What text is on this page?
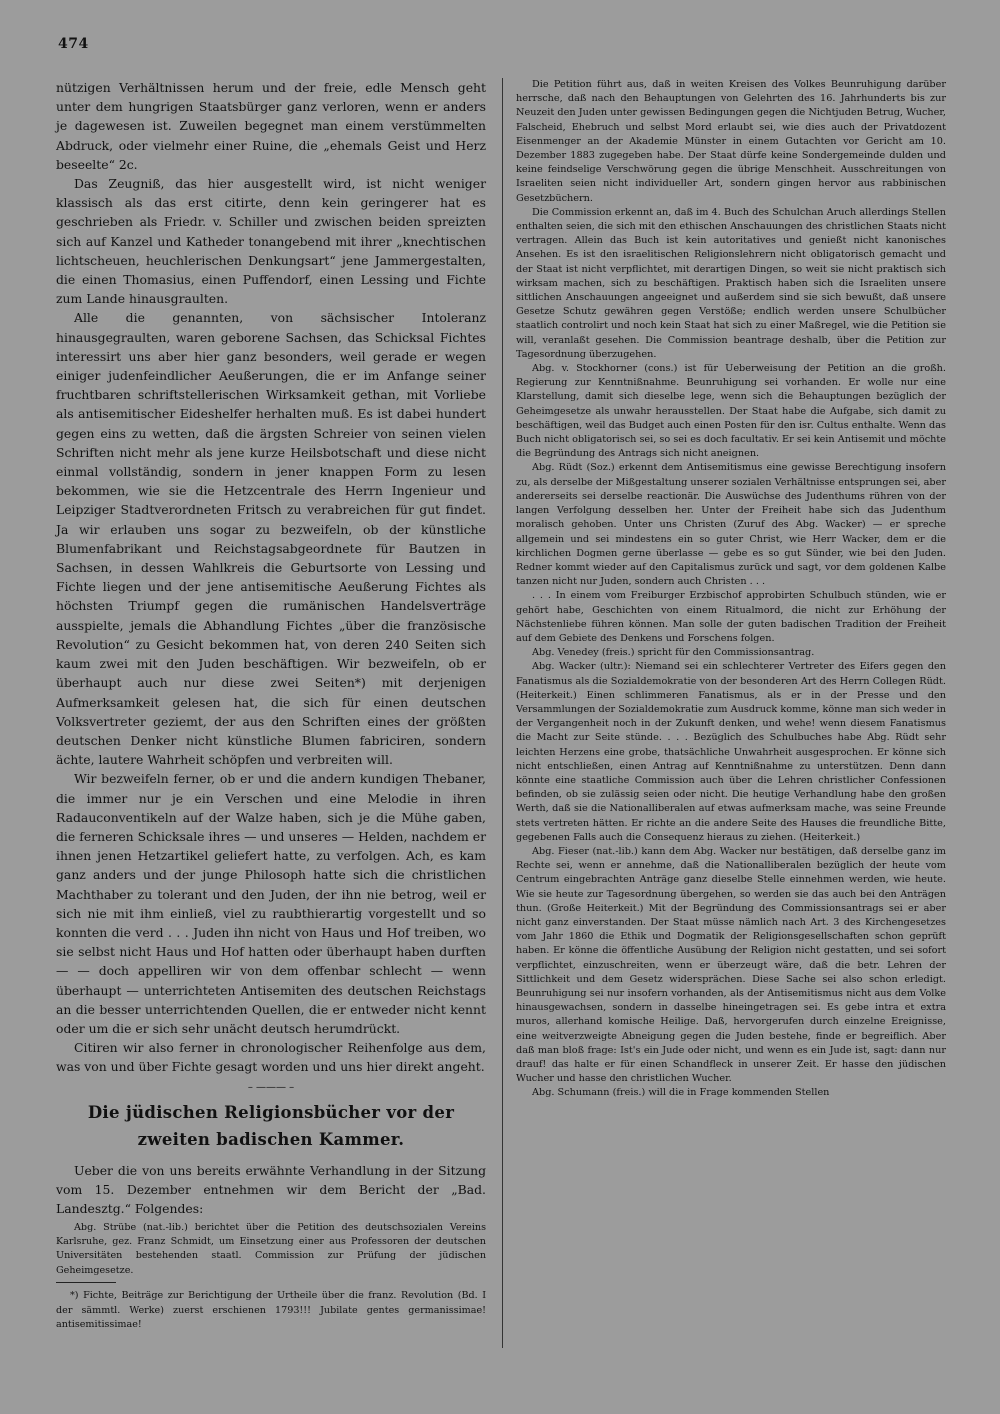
474

nützigen Verhältnissen herum und der freie, edle Mensch geht unter dem hungrigen Staatsbürger ganz verloren, wenn er anders je dagewesen ist. Zuweilen begegnet man einem verstümmelten Abdruck, oder vielmehr einer Ruine, die „ehemals Geist und Herz beseelte“ 2c.

Das Zeugniß, das hier ausgestellt wird, ist nicht weniger klassisch als das erst citirte, denn kein geringerer hat es geschrieben als Friedr. v. Schiller und zwischen beiden spreizten sich auf Kanzel und Katheder tonangebend mit ihrer „knechtischen lichtscheuen, heuchlerischen Denkungsart“ jene Jammergestalten, die einen Thomasius, einen Puffendorf, einen Lessing und Fichte zum Lande hinausgraulten.

Alle die genannten, von sächsischer Intoleranz hinausgegraulten, waren geborene Sachsen, das Schicksal Fichtes interessirt uns aber hier ganz besonders, weil gerade er wegen einiger judenfeindlicher Aeußerungen, die er im Anfange seiner fruchtbaren schriftstellerischen Wirksamkeit gethan, mit Vorliebe als antisemitischer Eideshelfer herhalten muß. Es ist dabei hundert gegen eins zu wetten, daß die ärgsten Schreier von seinen vielen Schriften nicht mehr als jene kurze Heilsbotschaft und diese nicht einmal vollständig, sondern in jener knappen Form zu lesen bekommen, wie sie die Hetzcentrale des Herrn Ingenieur und Leipziger Stadtverordneten Fritsch zu verabreichen für gut findet. Ja wir erlauben uns sogar zu bezweifeln, ob der künstliche Blumenfabrikant und Reichstagsabgeordnete für Bautzen in Sachsen, in dessen Wahlkreis die Geburtsorte von Lessing und Fichte liegen und der jene antisemitische Aeußerung Fichtes als höchsten Triumpf gegen die rumänischen Handelsverträge ausspielte, jemals die Abhandlung Fichtes „über die französische Revolution“ zu Gesicht bekommen hat, von deren 240 Seiten sich kaum zwei mit den Juden beschäftigen. Wir bezweifeln, ob er überhaupt auch nur diese zwei Seiten*) mit derjenigen Aufmerksamkeit gelesen hat, die sich für einen deutschen Volksvertreter geziemt, der aus den Schriften eines der größten deutschen Denker nicht künstliche Blumen fabriciren, sondern ächte, lautere Wahrheit schöpfen und verbreiten will.

Wir bezweifeln ferner, ob er und die andern kundigen Thebaner, die immer nur je ein Verschen und eine Melodie in ihren Radauconventikeln auf der Walze haben, sich je die Mühe gaben, die ferneren Schicksale ihres — und unseres — Helden, nachdem er ihnen jenen Hetzartikel geliefert hatte, zu verfolgen. Ach, es kam ganz anders und der junge Philosoph hatte sich die christlichen Machthaber zu tolerant und den Juden, der ihn nie betrog, weil er sich nie mit ihm einließ, viel zu raubthierartig vorgestellt und so konnten die verd . . . Juden ihn nicht von Haus und Hof treiben, wo sie selbst nicht Haus und Hof hatten oder überhaupt haben durften — — doch appelliren wir von dem offenbar schlecht — wenn überhaupt — unterrichteten Antisemiten des deutschen Reichstags an die besser unterrichtenden Quellen, die er entweder nicht kennt oder um die er sich sehr unächt deutsch herumdrückt.

Citiren wir also ferner in chronologischer Reihenfolge aus dem, was von und über Fichte gesagt worden und uns hier direkt angeht.

– ——— –
Die jüdischen Religionsbücher vor der zweiten badischen Kammer.

Ueber die von uns bereits erwähnte Verhandlung in der Sitzung vom 15. Dezember entnehmen wir dem Bericht der „Bad. Landesztg.“ Folgendes:

Abg. Strübe (nat.-lib.) berichtet über die Petition des deutschsozialen Vereins Karlsruhe, gez. Franz Schmidt, um Einsetzung einer aus Professoren der deutschen Universitäten bestehenden staatl. Commission zur Prüfung der jüdischen Geheimgesetze.

*) Fichte, Beiträge zur Berichtigung der Urtheile über die franz. Revolution (Bd. I der sämmtl. Werke) zuerst erschienen 1793!!! Jubilate gentes germanissimae! antisemitissimae!

Die Petition führt aus, daß in weiten Kreisen des Volkes Beunruhigung darüber herrsche, daß nach den Behauptungen von Gelehrten des 16. Jahrhunderts bis zur Neuzeit den Juden unter gewissen Bedingungen gegen die Nichtjuden Betrug, Wucher, Falscheid, Ehebruch und selbst Mord erlaubt sei, wie dies auch der Privatdozent Eisenmenger an der Akademie Münster in einem Gutachten vor Gericht am 10. Dezember 1883 zugegeben habe. Der Staat dürfe keine Sondergemeinde dulden und keine feindselige Verschwörung gegen die übrige Menschheit. Ausschreitungen von Israeliten seien nicht individueller Art, sondern gingen hervor aus rabbinischen Gesetzbüchern.

Die Commission erkennt an, daß im 4. Buch des Schulchan Aruch allerdings Stellen enthalten seien, die sich mit den ethischen Anschauungen des christlichen Staats nicht vertragen. Allein das Buch ist kein autoritatives und genießt nicht kanonisches Ansehen. Es ist den israelitischen Religionslehrern nicht obligatorisch gemacht und der Staat ist nicht verpflichtet, mit derartigen Dingen, so weit sie nicht praktisch sich wirksam machen, sich zu beschäftigen. Praktisch haben sich die Israeliten unsere sittlichen Anschauungen angeeignet und außerdem sind sie sich bewußt, daß unsere Gesetze Schutz gewähren gegen Verstöße; endlich werden unsere Schulbücher staatlich controlirt und noch kein Staat hat sich zu einer Maßregel, wie die Petition sie will, veranlaßt gesehen. Die Commission beantrage deshalb, über die Petition zur Tagesordnung überzugehen.

Abg. v. Stockhorner (cons.) ist für Ueberweisung der Petition an die großh. Regierung zur Kenntnißnahme. Beunruhigung sei vorhanden. Er wolle nur eine Klarstellung, damit sich dieselbe lege, wenn sich die Behauptungen bezüglich der Geheimgesetze als unwahr herausstellen. Der Staat habe die Aufgabe, sich damit zu beschäftigen, weil das Budget auch einen Posten für den isr. Cultus enthalte. Wenn das Buch nicht obligatorisch sei, so sei es doch facultativ. Er sei kein Antisemit und möchte die Begründung des Antrags sich nicht aneignen.

Abg. Rüdt (Soz.) erkennt dem Antisemitismus eine gewisse Berechtigung insofern zu, als derselbe der Mißgestaltung unserer sozialen Verhältnisse entsprungen sei, aber andererseits sei derselbe reactionär. Die Auswüchse des Judenthums rühren von der langen Verfolgung desselben her. Unter der Freiheit habe sich das Judenthum moralisch gehoben. Unter uns Christen (Zuruf des Abg. Wacker) — er spreche allgemein und sei mindestens ein so guter Christ, wie Herr Wacker, dem er die kirchlichen Dogmen gerne überlasse — gebe es so gut Sünder, wie bei den Juden. Redner kommt wieder auf den Capitalismus zurück und sagt, vor dem goldenen Kalbe tanzen nicht nur Juden, sondern auch Christen . . .

. . . In einem vom Freiburger Erzbischof approbirten Schulbuch stünden, wie er gehört habe, Geschichten von einem Ritualmord, die nicht zur Erhöhung der Nächstenliebe führen können. Man solle der guten badischen Tradition der Freiheit auf dem Gebiete des Denkens und Forschens folgen.

Abg. Venedey (freis.) spricht für den Commissionsantrag.

Abg. Wacker (ultr.): Niemand sei ein schlechterer Vertreter des Eifers gegen den Fanatismus als die Sozialdemokratie von der besonderen Art des Herrn Collegen Rüdt. (Heiterkeit.) Einen schlimmeren Fanatismus, als er in der Presse und den Versammlungen der Sozialdemokratie zum Ausdruck komme, könne man sich weder in der Vergangenheit noch in der Zukunft denken, und wehe! wenn diesem Fanatismus die Macht zur Seite stünde. . . . Bezüglich des Schulbuches habe Abg. Rüdt sehr leichten Herzens eine grobe, thatsächliche Unwahrheit ausgesprochen. Er könne sich nicht entschließen, einen Antrag auf Kenntnißnahme zu unterstützen. Denn dann könnte eine staatliche Commission auch über die Lehren christlicher Confessionen befinden, ob sie zulässig seien oder nicht. Die heutige Verhandlung habe den großen Werth, daß sie die Nationalliberalen auf etwas aufmerksam mache, was seine Freunde stets vertreten hätten. Er richte an die andere Seite des Hauses die freundliche Bitte, gegebenen Falls auch die Consequenz hieraus zu ziehen. (Heiterkeit.)

Abg. Fieser (nat.-lib.) kann dem Abg. Wacker nur bestätigen, daß derselbe ganz im Rechte sei, wenn er annehme, daß die Nationalliberalen bezüglich der heute vom Centrum eingebrachten Anträge ganz dieselbe Stelle einnehmen werden, wie heute. Wie sie heute zur Tagesordnung übergehen, so werden sie das auch bei den Anträgen thun. (Große Heiterkeit.) Mit der Begründung des Commissionsantrags sei er aber nicht ganz einverstanden. Der Staat müsse nämlich nach Art. 3 des Kirchengesetzes vom Jahr 1860 die Ethik und Dogmatik der Religionsgesellschaften schon geprüft haben. Er könne die öffentliche Ausübung der Religion nicht gestatten, und sei sofort verpflichtet, einzuschreiten, wenn er überzeugt wäre, daß die betr. Lehren der Sittlichkeit und dem Gesetz widersprächen. Diese Sache sei also schon erledigt. Beunruhigung sei nur insofern vorhanden, als der Antisemitismus nicht aus dem Volke hinausgewachsen, sondern in dasselbe hineingetragen sei. Es gebe intra et extra muros, allerhand komische Heilige. Daß, hervorgerufen durch einzelne Ereignisse, eine weitverzweigte Abneigung gegen die Juden bestehe, finde er begreiflich. Aber daß man bloß frage: Ist's ein Jude oder nicht, und wenn es ein Jude ist, sagt: dann nur drauf! das halte er für einen Schandfleck in unserer Zeit. Er hasse den jüdischen Wucher und hasse den christlichen Wucher.

Abg. Schumann (freis.) will die in Frage kommenden Stellen
